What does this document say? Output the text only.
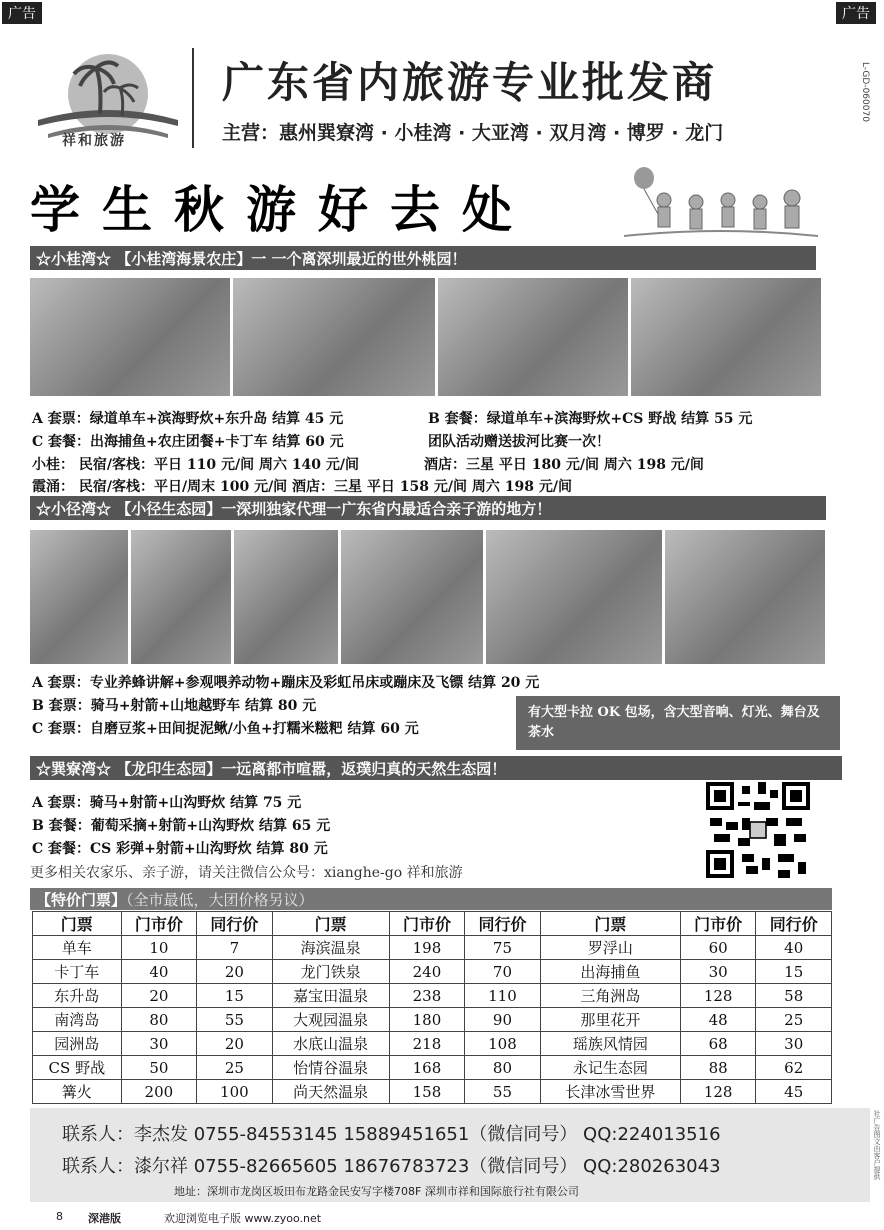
广告	广告
祥和旅游
广东省内旅游专业批发商
主营：惠州巽寮湾 · 小桂湾 · 大亚湾 · 双月湾 · 博罗 · 龙门
L-GD-060070
学生秋游好去处
☆小桂湾☆ 【小桂湾海景农庄】一 一个离深圳最近的世外桃园！
A 套票：绿道单车+滨海野炊+东升岛 结算 45 元	B 套餐：绿道单车+滨海野炊+CS 野战 结算 55 元
C 套餐：出海捕鱼+农庄团餐+卡丁车 结算 60 元	团队活动赠送拔河比赛一次！
小桂： 民宿/客栈：平日 110 元/间 周六 140 元/间	酒店：三星 平日 180 元/间 周六 198 元/间
霞涌： 民宿/客栈：平日/周末 100 元/间 酒店：三星 平日 158 元/间 周六 198 元/间
☆小径湾☆ 【小径生态园】一深圳独家代理一广东省内最适合亲子游的地方！
A 套票：专业养蜂讲解+参观喂养动物+蹦床及彩虹吊床或蹦床及飞镖 结算 20 元
B 套票：骑马+射箭+山地越野车 结算 80 元
C 套票：自磨豆浆+田间捉泥鳅/小鱼+打糯米糍粑 结算 60 元
有大型卡拉 OK 包场，含大型音响、灯光、舞台及茶水
☆巽寮湾☆ 【龙印生态园】一远离都市喧嚣，返璞归真的天然生态园！
A 套票：骑马+射箭+山沟野炊 结算 75 元
B 套餐：葡萄采摘+射箭+山沟野炊 结算 65 元
C 套餐：CS 彩弹+射箭+山沟野炊 结算 80 元
更多相关农家乐、亲子游，请关注微信公众号：xianghe-go 祥和旅游
【特价门票】（全市最低，大团价格另议）
门票	门市价	同行价	门票	门市价	同行价	门票	门市价	同行价
单车	10	7	海滨温泉	198	75	罗浮山	60	40
卡丁车	40	20	龙门铁泉	240	70	出海捕鱼	30	15
东升岛	20	15	嘉宝田温泉	238	110	三角洲岛	128	58
南湾岛	80	55	大观园温泉	180	90	那里花开	48	25
园洲岛	30	20	水底山温泉	218	108	瑶族风情园	68	30
CS 野战	50	25	怡情谷温泉	168	80	永记生态园	88	62
篝火	200	100	尚天然温泉	158	55	长津冰雪世界	128	45
联系人：李杰发 0755-84553145 15889451651（微信同号） QQ:224013516
联系人：漆尔祥 0755-82665605 18676783723（微信同号） QQ:280263043
地址：深圳市龙岗区坂田布龙路金民安写字楼708F 深圳市祥和国际旅行社有限公司
8 深港版	欢迎浏览电子版 www.zyoo.net
社广告图文由客户提供
